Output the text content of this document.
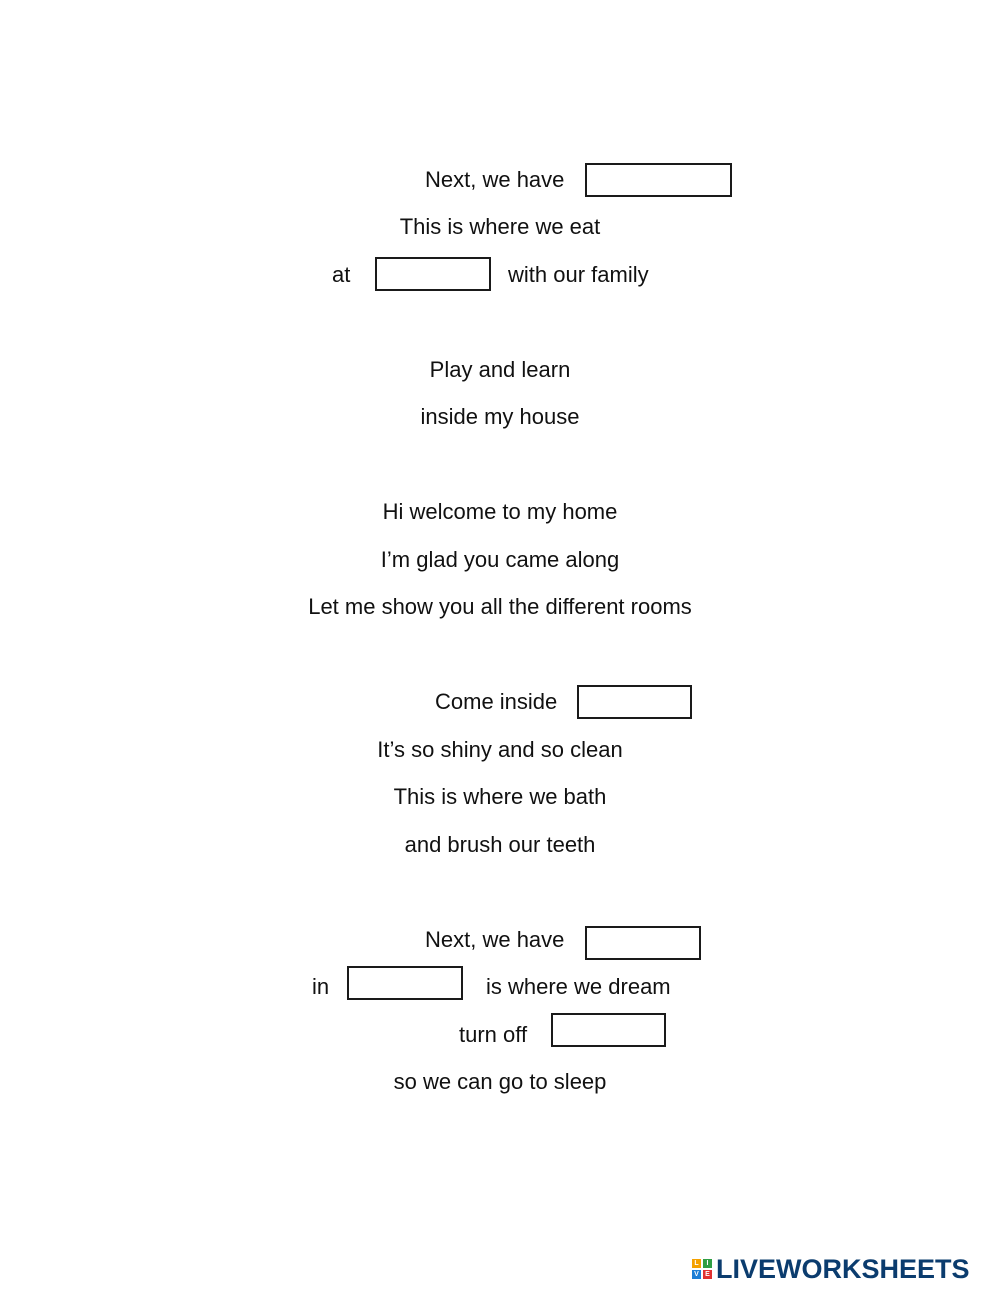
Next, we have
This is where we eat
at	with our family
Play and learn
inside my house
Hi welcome to my home
I’m glad you came along
Let me show you all the different rooms
Come inside
It’s so shiny and so clean
This is where we bath
and brush our teeth
Next, we have
in	is where we dream
turn off
so we can go to sleep
L	I
V E LIVEWORKSHEETS
